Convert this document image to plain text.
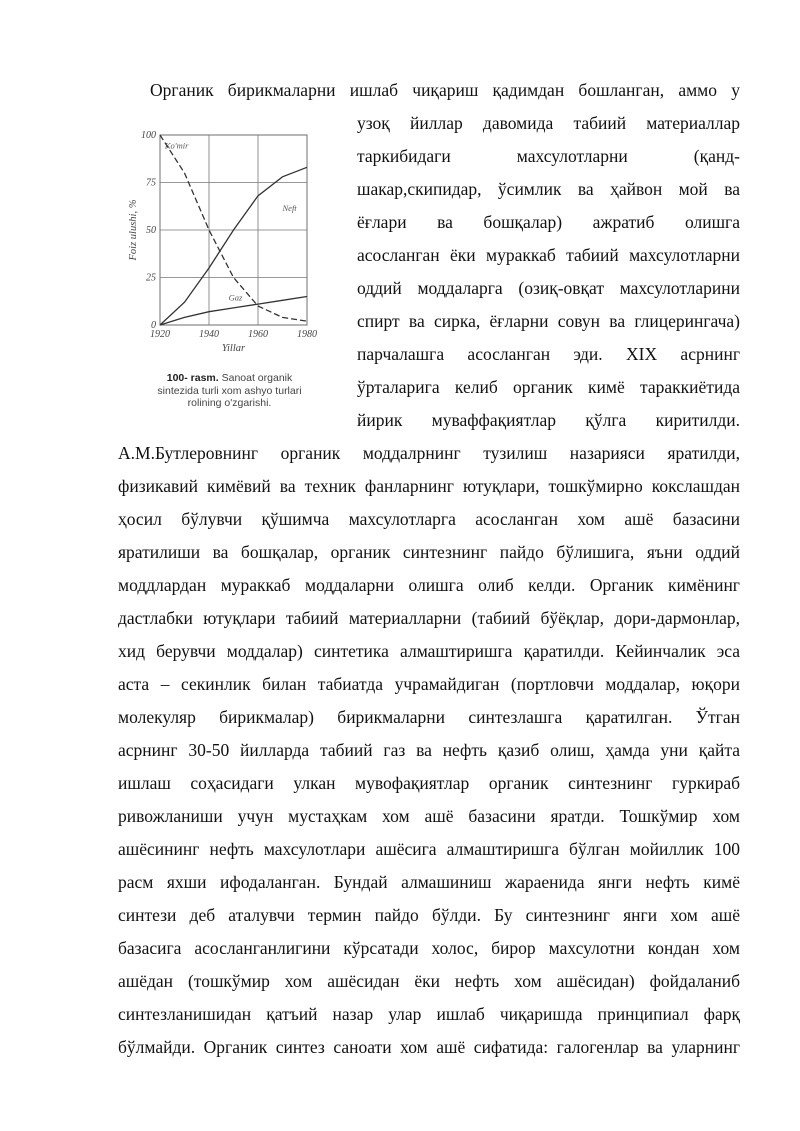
Органик бирикмаларни ишлаб чиқариш қадимдан бошланган, аммо у
узоқ йиллар давомида табиий материаллар
таркибидаги махсулотларни (қанд-
шакар,скипидар, ўсимлик ва ҳайвон мой ва
ёғлари ва бошқалар) ажратиб олишга
асосланган ёки мураккаб табиий махсулотларни
оддий моддаларга (озиқ-овқат махсулотларини
спирт ва сирка, ёғларни совун ва глицерингача)
парчалашга асосланган эди. XIX асрнинг
ўрталарига келиб органик кимё тараккиётида
йирик муваффақиятлар қўлга киритилди.
А.М.Бутлеровнинг органик моддалрнинг тузилиш назарияси яратилди,
физикавий кимёвий ва техник фанларнинг ютуқлари, тошкўмирно кокслашдан
ҳосил бўлувчи қўшимча махсулотларга асосланган хом ашё базасини
яратилиши ва бошқалар, органик синтезнинг пайдо бўлишига, яъни оддий
моддлардан мураккаб моддаларни олишга олиб келди. Органик кимёнинг
дастлабки ютуқлари табиий материалларни (табиий бўёқлар, дори-дармонлар,
хид берувчи моддалар) синтетика алмаштиришга қаратилди. Кейинчалик эса
аста – секинлик билан табиатда учрамайдиган (портловчи моддалар, юқори
молекуляр бирикмалар) бирикмаларни синтезлашга қаратилган. Ўтган
асрнинг 30-50 йилларда табиий газ ва нефть қазиб олиш, ҳамда уни қайта
ишлаш соҳасидаги улкан мувофақиятлар органик синтезнинг гуркираб
ривожланиши учун мустаҳкам хом ашё базасини яратди. Тошкўмир хом
ашёсининг нефть махсулотлари ашёсига алмаштиришга бўлган мойиллик 100
расм яхши ифодаланган. Бундай алмашиниш жараенида янги нефть кимё
синтези деб аталувчи термин пайдо бўлди. Бу синтезнинг янги хом ашё
базасига асосланганлигини кўрсатади холос, бирор махсулотни кондан хом
ашёдан (тошкўмир хом ашёсидан ёки нефть хом ашёсидан) фойдаланиб
синтезланишидан қатъий назар улар ишлаб чиқаришда принципиал фарқ
бўлмайди. Органик синтез саноати хом ашё сифатида: галогенлар ва уларнинг
1920	1940	1960	1980
0
25
50
75
100
Foiz ulushi, %
Yillar
Ko'mir
Neft
Gaz
100- rasm. Sanoat organik
sintezida turli xom ashyo turlari
rolining o'zgarishi.
